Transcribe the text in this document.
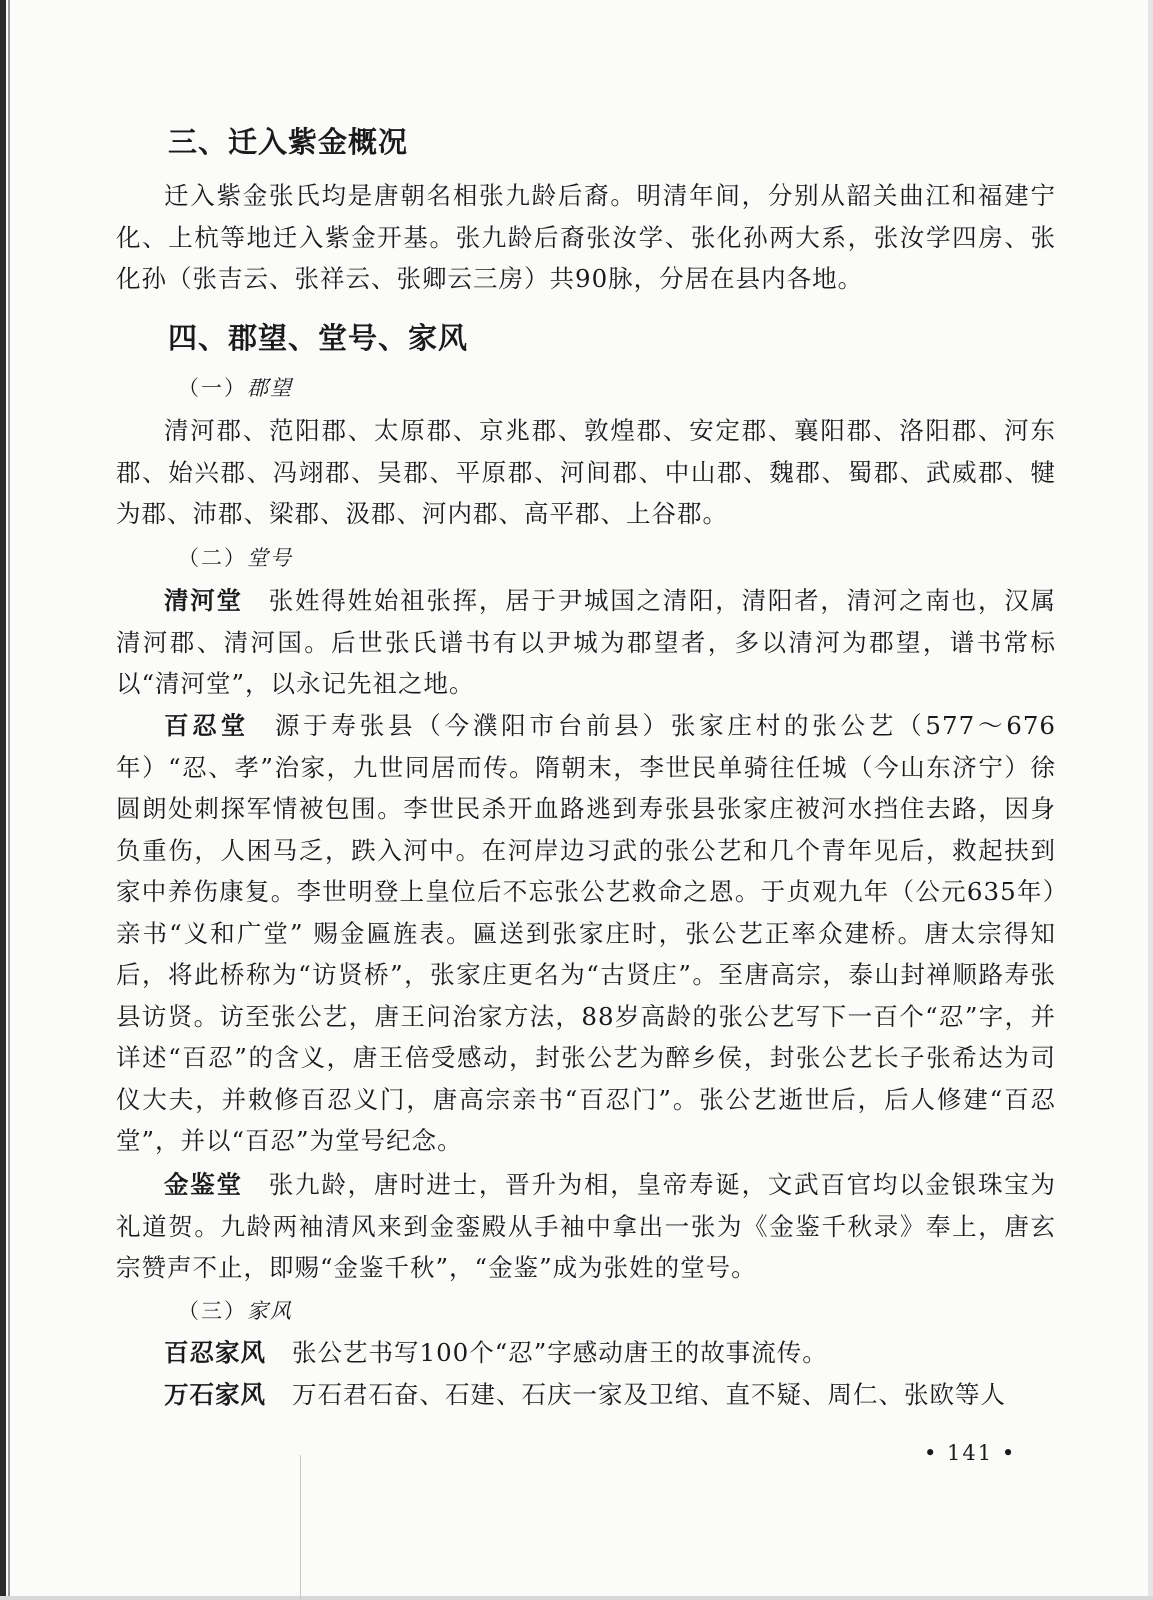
三、迁入紫金概况

迁入紫金张氏均是唐朝名相张九龄后裔。明清年间，分别从韶关曲江和福建宁化、上杭等地迁入紫金开基。张九龄后裔张汝学、张化孙两大系，张汝学四房、张化孙（张吉云、张祥云、张卿云三房）共90脉，分居在县内各地。

四、郡望、堂号、家风
（一）郡望

清河郡、范阳郡、太原郡、京兆郡、敦煌郡、安定郡、襄阳郡、洛阳郡、河东郡、始兴郡、冯翊郡、吴郡、平原郡、河间郡、中山郡、魏郡、蜀郡、武威郡、犍为郡、沛郡、梁郡、汲郡、河内郡、高平郡、上谷郡。

（二）堂号

清河堂 张姓得姓始祖张挥，居于尹城国之清阳，清阳者，清河之南也，汉属清河郡、清河国。后世张氏谱书有以尹城为郡望者，多以清河为郡望，谱书常标以“清河堂”，以永记先祖之地。

百忍堂 源于寿张县（今濮阳市台前县）张家庄村的张公艺（577～676年）“忍、孝”治家，九世同居而传。隋朝末，李世民单骑往任城（今山东济宁）徐圆朗处刺探军情被包围。李世民杀开血路逃到寿张县张家庄被河水挡住去路，因身负重伤，人困马乏，跌入河中。在河岸边习武的张公艺和几个青年见后，救起扶到家中养伤康复。李世明登上皇位后不忘张公艺救命之恩。于贞观九年（公元635年）亲书“义和广堂” 赐金匾旌表。匾送到张家庄时，张公艺正率众建桥。唐太宗得知后，将此桥称为“访贤桥”，张家庄更名为“古贤庄”。至唐高宗，泰山封禅顺路寿张县访贤。访至张公艺，唐王问治家方法，88岁高龄的张公艺写下一百个“忍”字，并详述“百忍”的含义，唐王倍受感动，封张公艺为醉乡侯，封张公艺长子张希达为司仪大夫，并敕修百忍义门，唐高宗亲书“百忍门”。张公艺逝世后，后人修建“百忍堂”，并以“百忍”为堂号纪念。

金鉴堂 张九龄，唐时进士，晋升为相，皇帝寿诞，文武百官均以金银珠宝为礼道贺。九龄两袖清风来到金銮殿从手袖中拿出一张为《金鉴千秋录》奉上，唐玄宗赞声不止，即赐“金鉴千秋”，“金鉴”成为张姓的堂号。

（三）家风

百忍家风 张公艺书写100个“忍”字感动唐王的故事流传。

万石家风 万石君石奋、石建、石庆一家及卫绾、直不疑、周仁、张欧等人

• 141 •
